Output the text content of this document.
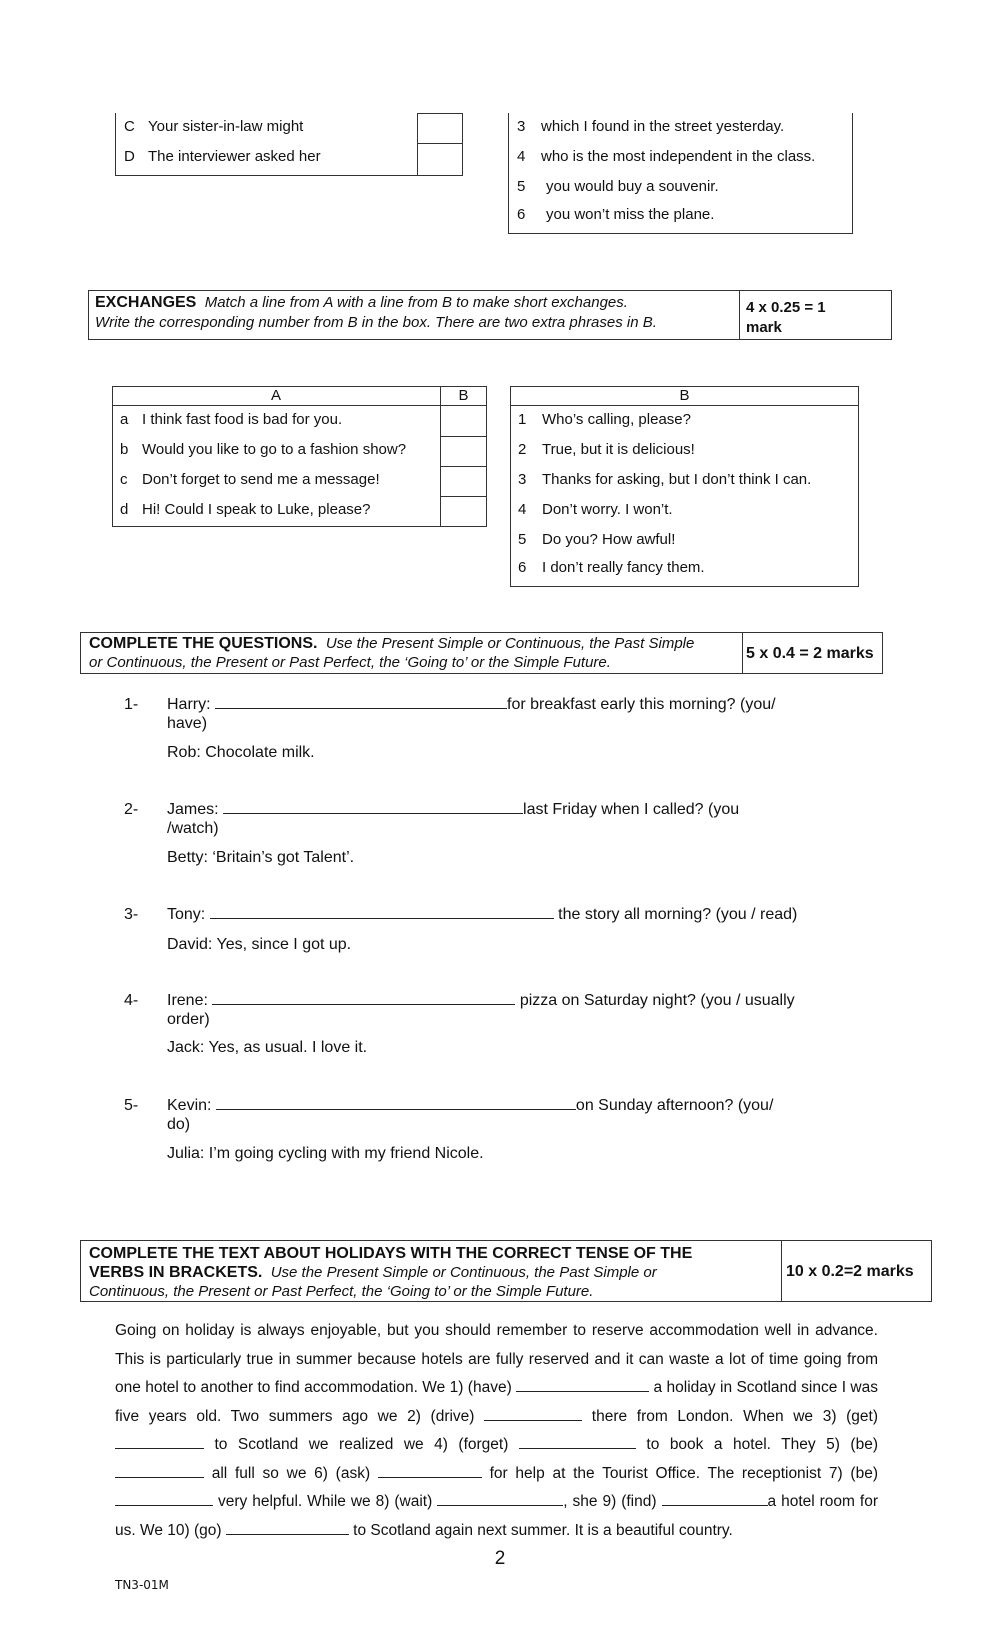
C Your sister-in-law might
D The interviewer asked her
3	which I found in the street yesterday.
4	who is the most independent in the class.
5	you would buy a souvenir.
6	you won’t miss the plane.
EXCHANGES Match a line from A with a line from B to make short exchanges.
Write the corresponding number from B in the box. There are two extra phrases in B.
4 x 0.25 = 1
mark
A	B
a I think fast food is bad for you.
b Would you like to go to a fashion show?
c Don’t forget to send me a message!
d Hi! Could I speak to Luke, please?
B
1	Who’s calling, please?
2	True, but it is delicious!
3	Thanks for asking, but I don’t think I can.
4	Don’t worry. I won’t.
5	Do you? How awful!
6	I don’t really fancy them.
COMPLETE THE QUESTIONS. Use the Present Simple or Continuous, the Past Simple
or Continuous, the Present or Past Perfect, the ‘Going to’ or the Simple Future.
5 x 0.4 = 2 marks
1- Harry:	for breakfast early this morning? (you/
have)
Rob: Chocolate milk.
2- James:	last Friday when I called? (you
/watch)
Betty: ‘Britain’s got Talent’.
3- Tony:	the story all morning? (you / read)
David: Yes, since I got up.
4- Irene:	pizza on Saturday night? (you / usually
order)
Jack: Yes, as usual. I love it.
5- Kevin:	on Sunday afternoon? (you/
do)
Julia: I’m going cycling with my friend Nicole.
COMPLETE THE TEXT ABOUT HOLIDAYS WITH THE CORRECT TENSE OF THE
VERBS IN BRACKETS. Use the Present Simple or Continuous, the Past Simple or
Continuous, the Present or Past Perfect, the ‘Going to’ or the Simple Future.
10 x 0.2=2 marks
Going on holiday is always enjoyable, but you should remember to reserve accommodation well in advance. This is particularly true in summer because hotels are fully reserved and it can waste a lot of time going from one hotel to another to find accommodation. We 1) (have)	a holiday in Scotland since I was five years old. Two summers ago we 2) (drive)	there from London. When we 3) (get)  to Scotland we realized we 4) (forget)	to book a hotel. They 5) (be)  all full so we 6) (ask)	for help at the Tourist Office. The receptionist 7) (be)  very helpful. While we 8) (wait)	, she 9) (find)	a hotel room for us. We 10) (go)	to Scotland again next summer. It is a beautiful country.
2
TN3-01M
